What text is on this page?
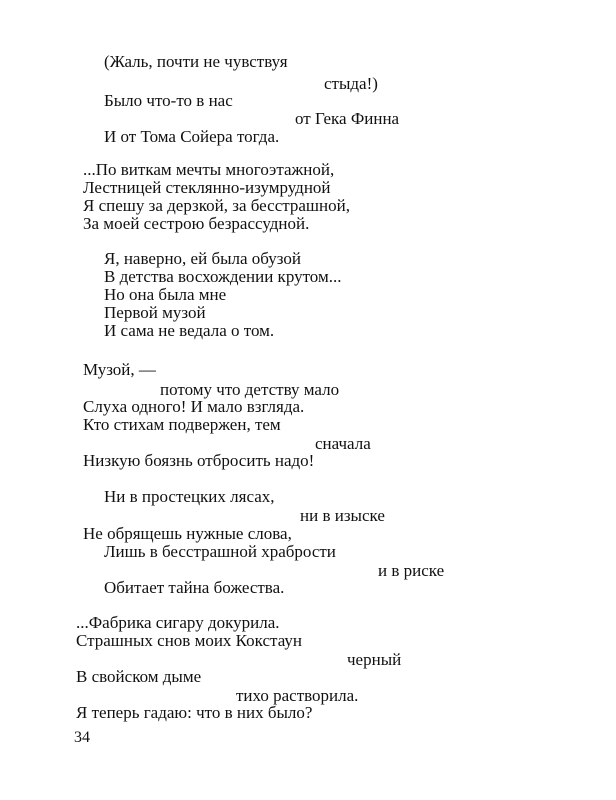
(Жаль, почти не чувствуя
стыда!)
Было что-то в нас
от Гека Финна
И от Тома Сойера тогда.
...По виткам мечты многоэтажной,
Лестницей стеклянно-изумрудной
Я спешу за дерзкой, за бесстрашной,
За моей сестрою безрассудной.
Я, наверно, ей была обузой
В детства восхождении крутом...
Но она была мне
Первой музой
И сама не ведала о том.
Музой, —
потому что детству мало
Слуха одного! И мало взгляда.
Кто стихам подвержен, тем
сначала
Низкую боязнь отбросить надо!
Ни в простецких лясах,
ни в изыске
Не обрящешь нужные слова,
Лишь в бесстрашной храбрости
и в риске
Обитает тайна божества.
...Фабрика сигару докурила.
Страшных снов моих Кокстаун
черный
В свойском дыме
тихо растворила.
Я теперь гадаю: что в них было?
34
